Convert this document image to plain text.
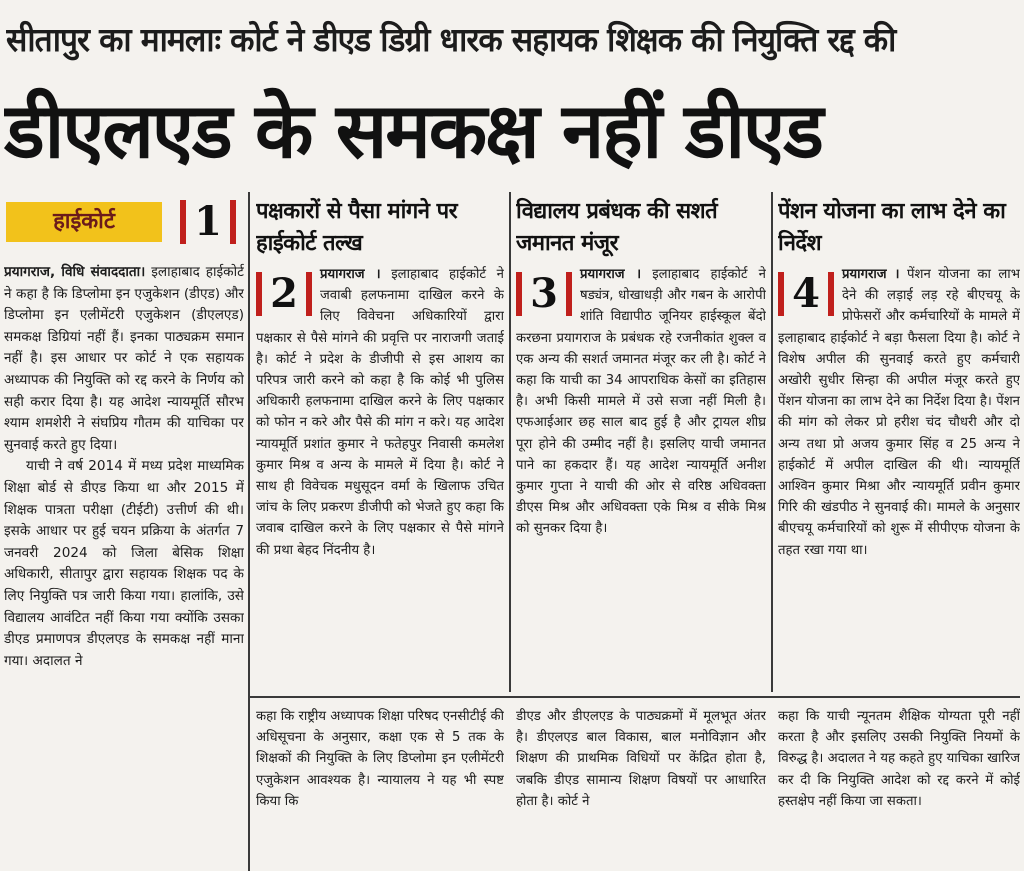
सीतापुर का मामलाः कोर्ट ने डीएड डिग्री धारक सहायक शिक्षक की नियुक्ति रद्द की
डीएलएड के समकक्ष नहीं डीएड
हाईकोर्ट	1

प्रयागराज, विधि संवाददाता। इलाहाबाद हाईकोर्ट ने कहा है कि डिप्लोमा इन एजुकेशन (डीएड) और डिप्लोमा इन एलीमेंटरी एजुकेशन (डीएलएड) समकक्ष डिग्रियां नहीं हैं। इनका पाठ्यक्रम समान नहीं है। इस आधार पर कोर्ट ने एक सहायक अध्यापक की नियुक्ति को रद्द करने के निर्णय को सही करार दिया है। यह आदेश न्यायमूर्ति सौरभ श्याम शमशेरी ने संघप्रिय गौतम की याचिका पर सुनवाई करते हुए दिया।

याची ने वर्ष 2014 में मध्य प्रदेश माध्यमिक शिक्षा बोर्ड से डीएड किया था और 2015 में शिक्षक पात्रता परीक्षा (टीईटी) उत्तीर्ण की थी।इसके आधार पर हुई चयन प्रक्रिया के अंतर्गत 7 जनवरी 2024 को जिला बेसिक शिक्षा अधिकारी, सीतापुर द्वारा सहायक शिक्षक पद के लिए नियुक्ति पत्र जारी किया गया। हालांकि, उसे विद्यालय आवंटित नहीं किया गया क्योंकि उसका डीएड प्रमाणपत्र डीएलएड के समकक्ष नहीं माना गया। अदालत ने

पक्षकारों से पैसा मांगने पर हाईकोर्ट तल्ख

प्रयागराज ।
2	इलाहाबाद हाईकोर्ट ने जवाबी हलफनामा दाखिल करने के लिए विवेचना अधिकारियों द्वारा पक्षकार से पैसे मांगने की प्रवृत्ति पर नाराजगी जताई है। कोर्ट ने प्रदेश के डीजीपी से इस आशय का परिपत्र जारी करने को कहा है कि कोई भी पुलिस अधिकारी हलफनामा दाखिल करने के लिए पक्षकार को फोन न करे और पैसे की मांग न करे। यह आदेश न्यायमूर्ति प्रशांत कुमार ने फतेहपुर निवासी कमलेश कुमार मिश्र व अन्य के मामले में दिया है। कोर्ट ने साथ ही विवेचक मधुसूदन वर्मा के खिलाफ उचित जांच के लिए प्रकरण डीजीपी को भेजते हुए कहा कि जवाब दाखिल करने के लिए पक्षकार से पैसे मांगने की प्रथा बेहद निंदनीय है।

विद्यालय प्रबंधक की सशर्त जमानत मंजूर

प्रयागराज ।
3	इलाहाबाद हाईकोर्ट ने षड्यंत्र, धोखाधड़ी और गबन के आरोपी शांति विद्यापीठ जूनियर हाईस्कूल बेंदो करछना प्रयागराज के प्रबंधक रहे रजनीकांत शुक्ल व एक अन्य की सशर्त जमानत मंजूर कर ली है। कोर्ट ने कहा कि याची का 34 आपराधिक केसों का इतिहास है। अभी किसी मामले में उसे सजा नहीं मिली है। एफआईआर छह साल बाद हुई है और ट्रायल शीघ्र पूरा होने की उम्मीद नहीं है। इसलिए याची जमानत पाने का हकदार हैं। यह आदेश न्यायमूर्ति अनीश कुमार गुप्ता ने याची की ओर से वरिष्ठ अधिवक्ता डीएस मिश्र और अधिवक्ता एके मिश्र व सीके मिश्र को सुनकर दिया है।

पेंशन योजना का लाभ देने का निर्देश

प्रयागराज ।
4	पेंशन योजना का लाभ देने की लड़ाई लड़ रहे बीएचयू के प्रोफेसरों और कर्मचारियों के मामले में इलाहाबाद हाईकोर्ट ने बड़ा फैसला दिया है। कोर्ट ने विशेष अपील की सुनवाई करते हुए कर्मचारी अखोरी सुधीर सिन्हा की अपील मंजूर करते हुए पेंशन योजना का लाभ देने का निर्देश दिया है। पेंशन की मांग को लेकर प्रो हरीश चंद चौधरी और दो अन्य तथा प्रो अजय कुमार सिंह व 25 अन्य ने हाईकोर्ट में अपील दाखिल की थी। न्यायमूर्ति आश्विन कुमार मिश्रा और न्यायमूर्ति प्रवीन कुमार गिरि की खंडपीठ ने सुनवाई की। मामले के अनुसार बीएचयू कर्मचारियों को शुरू में सीपीएफ योजना के तहत रखा गया था।

कहा कि राष्ट्रीय अध्यापक शिक्षा परिषद एनसीटीई की अधिसूचना के अनुसार, कक्षा एक से 5 तक के शिक्षकों की नियुक्ति के लिए डिप्लोमा इन एलीमेंटरी एजुकेशन आवश्यक है। न्यायालय ने यह भी स्पष्ट किया कि
डीएड और डीएलएड के पाठ्यक्रमों में मूलभूत अंतर है। डीएलएड बाल विकास, बाल मनोविज्ञान और शिक्षण की प्राथमिक विधियों पर केंद्रित होता है, जबकि डीएड सामान्य शिक्षण विषयों पर आधारित होता है। कोर्ट ने
कहा कि याची न्यूनतम शैक्षिक योग्यता पूरी नहीं करता है और इसलिए उसकी नियुक्ति नियमों के विरुद्ध है। अदालत ने यह कहते हुए याचिका खारिज कर दी कि नियुक्ति आदेश को रद्द करने में कोई हस्तक्षेप नहीं किया जा सकता।
